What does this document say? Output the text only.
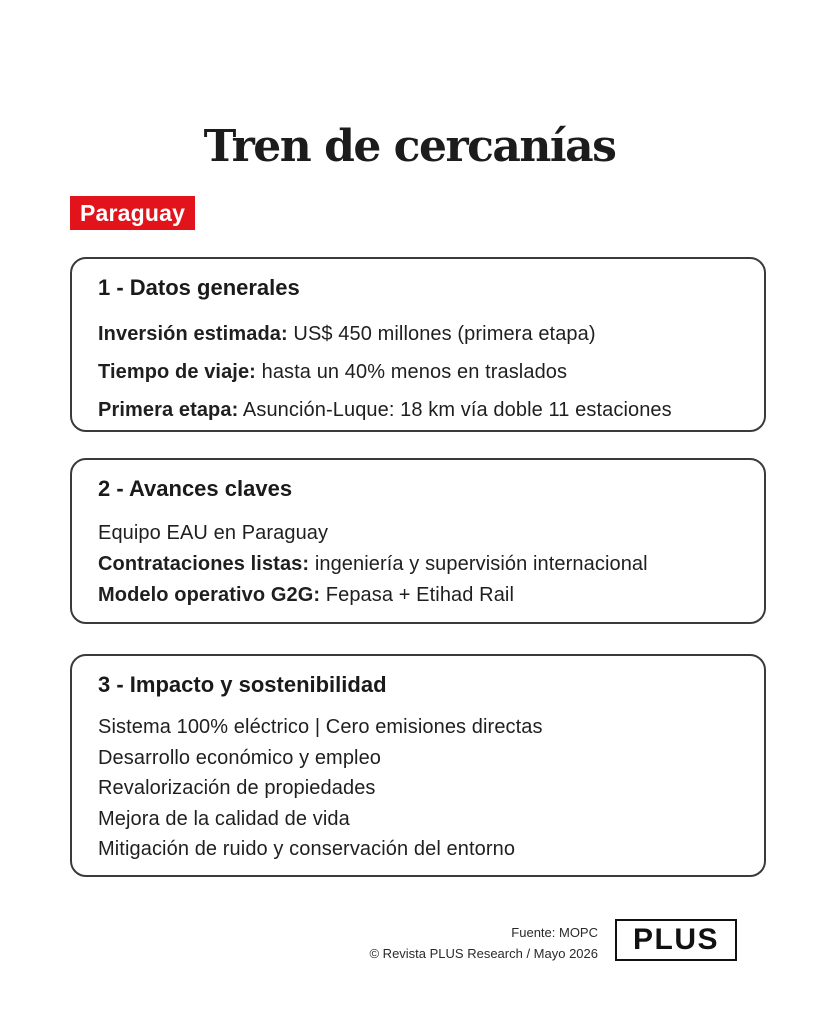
Tren de cercanías
Paraguay
1 - Datos generales
Inversión estimada: US$ 450 millones (primera etapa)
Tiempo de viaje: hasta un 40% menos en traslados
Primera etapa: Asunción-Luque: 18 km vía doble 11 estaciones
2 - Avances claves
Equipo EAU en Paraguay
Contrataciones listas: ingeniería y supervisión internacional
Modelo operativo G2G: Fepasa + Etihad Rail
3 - Impacto y sostenibilidad
Sistema 100% eléctrico | Cero emisiones directas
Desarrollo económico y empleo
Revalorización de propiedades
Mejora de la calidad de vida
Mitigación de ruido y conservación del entorno
Fuente: MOPC
© Revista PLUS Research / Mayo 2026	PLUS
